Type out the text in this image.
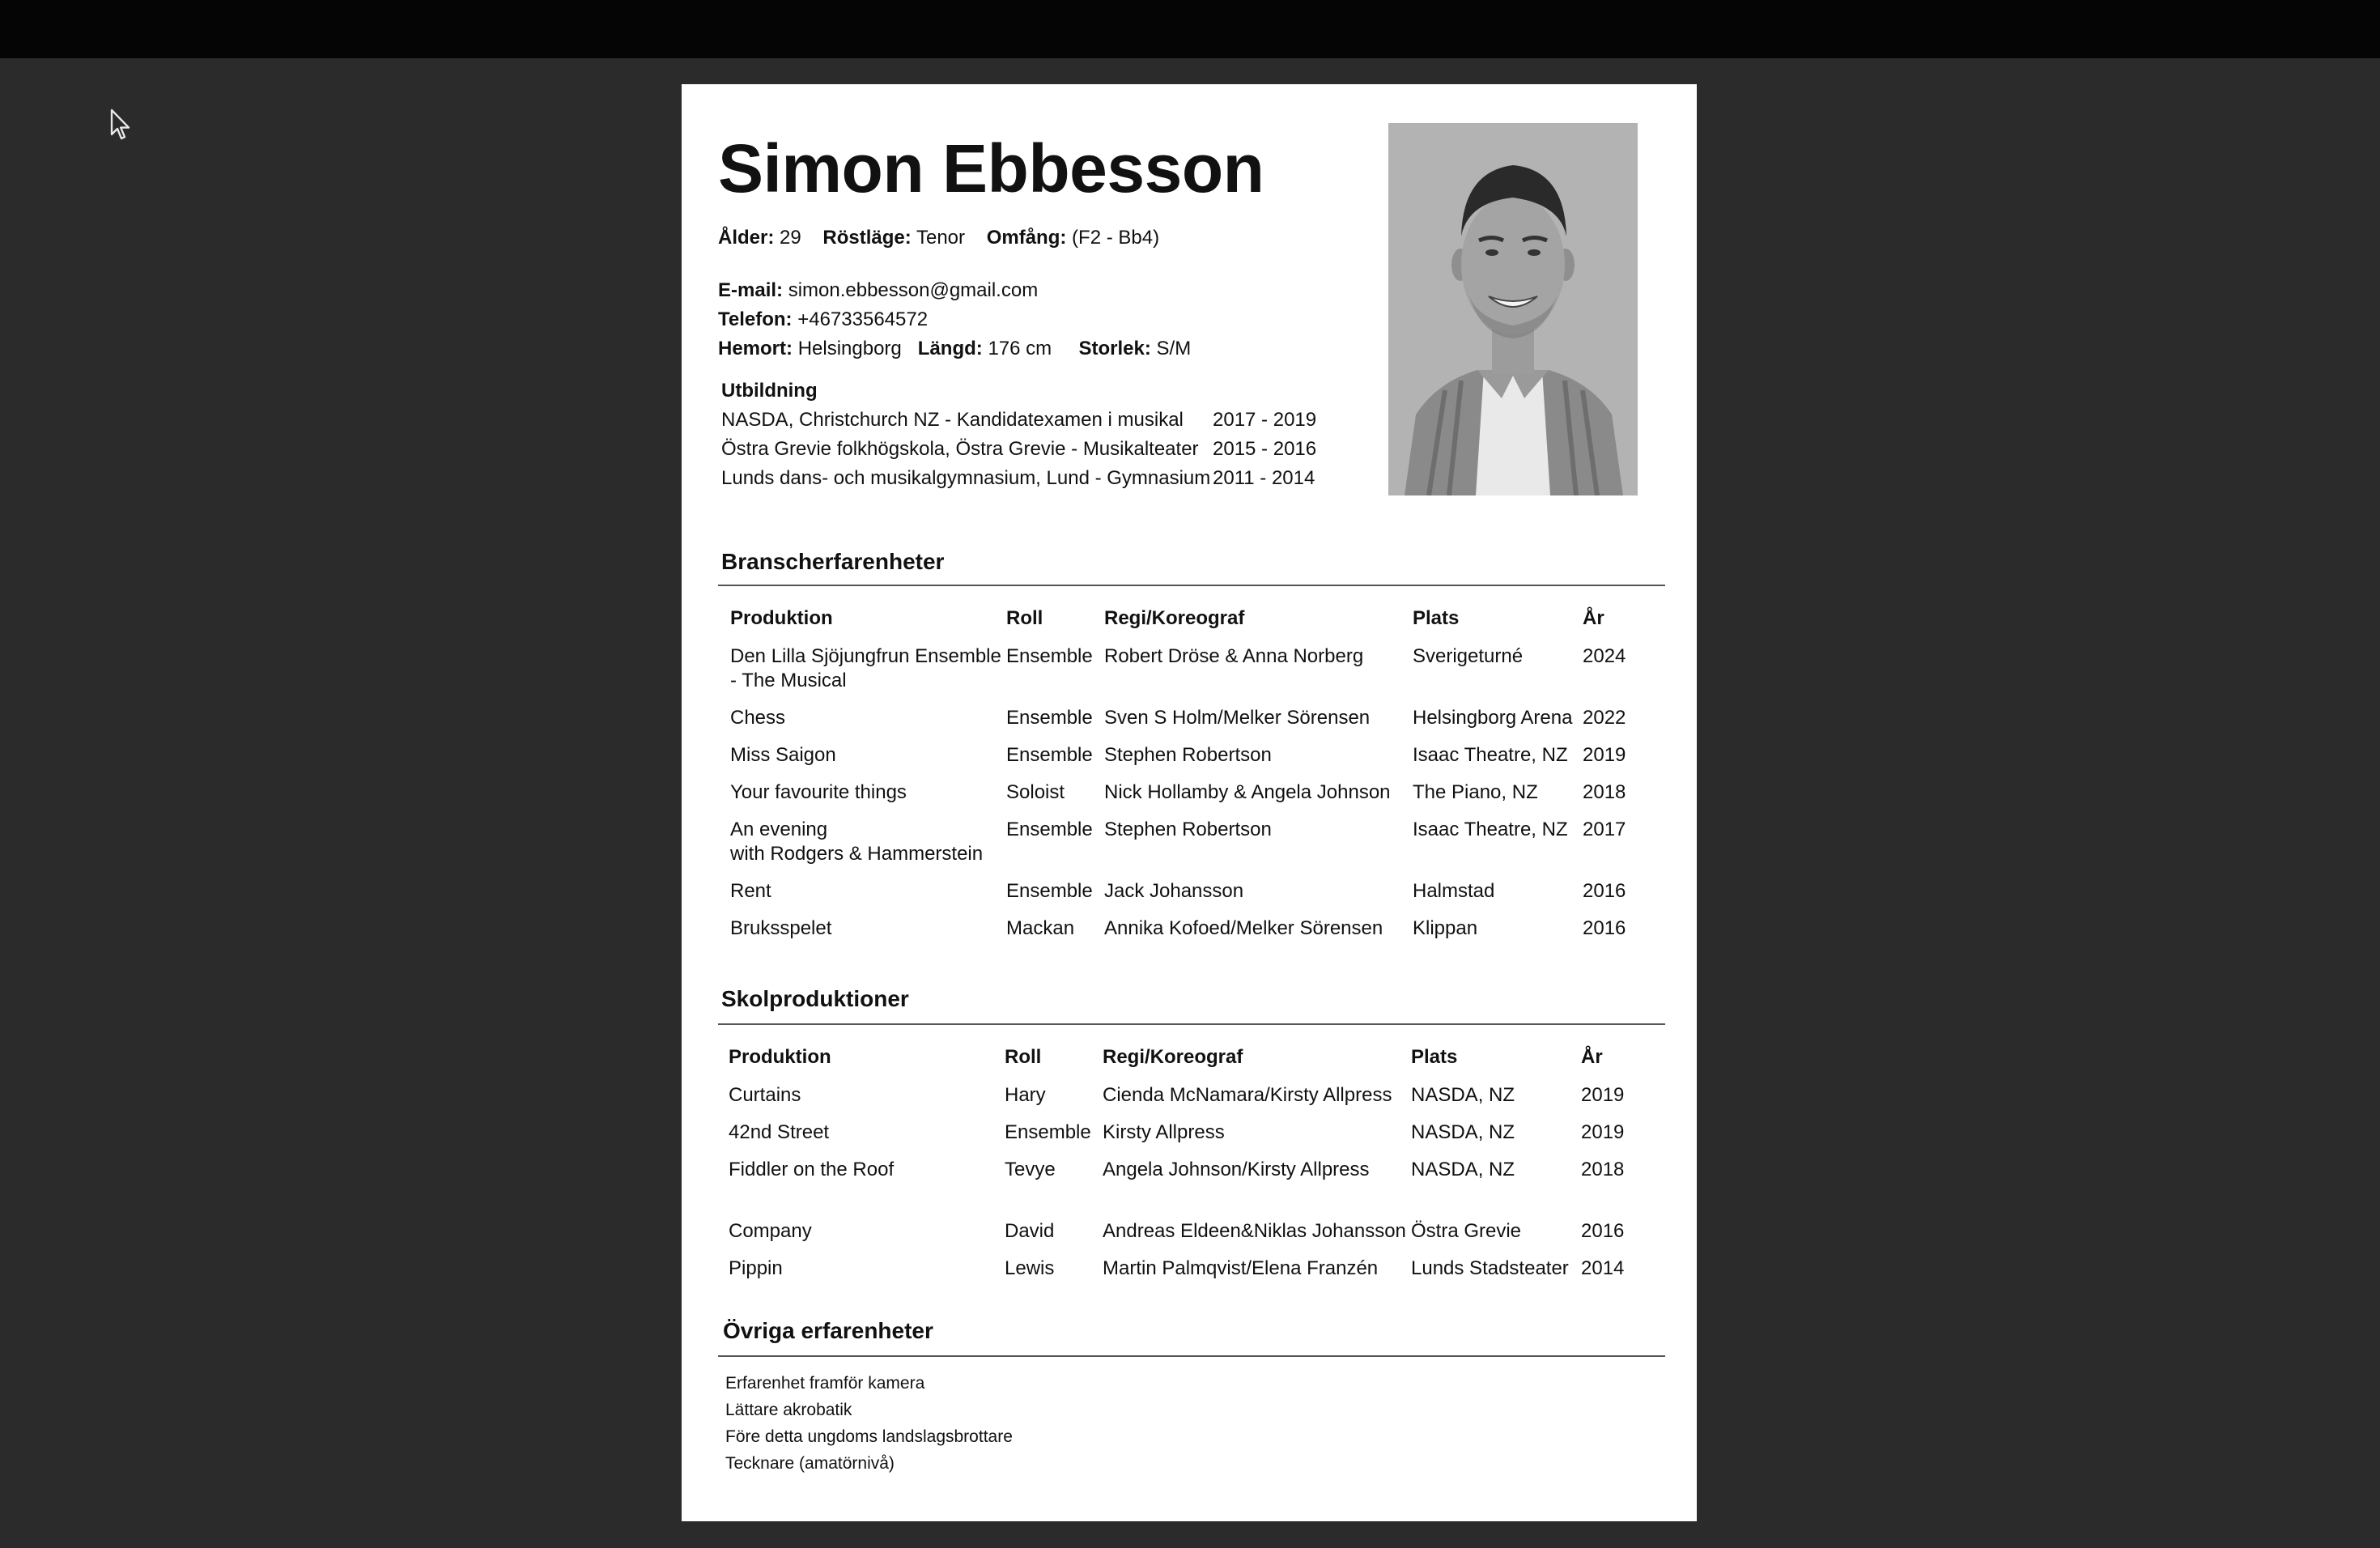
Simon Ebbesson
Ålder: 29 Röstläge: Tenor Omfång: (F2 - Bb4)
E-mail: simon.ebbesson@gmail.com
Telefon: +46733564572
Hemort: Helsingborg Längd: 176 cm Storlek: S/M
Utbildning
NASDA, Christchurch NZ - Kandidatexamen i musikal 2017 - 2019
Östra Grevie folkhögskola, Östra Grevie - Musikalteater 2015 - 2016
Lunds dans- och musikalgymnasium, Lund - Gymnasium 2011 - 2014
Branscherfarenheter
Produktion	Roll	Regi/Koreograf	Plats	År

Den Lilla Sjöjungfrun Ensemble
- The Musical	Ensemble	Robert Dröse & Anna Norberg	Sverigeturné	2024
Chess	Ensemble	Sven S Holm/Melker Sörensen	Helsingborg Arena	2022
Miss Saigon	Ensemble	Stephen Robertson	Isaac Theatre, NZ	2019
Your favourite things	Soloist	Nick Hollamby & Angela Johnson	The Piano, NZ	2018

An evening
with Rodgers & Hammerstein	Ensemble	Stephen Robertson	Isaac Theatre, NZ	2017
Rent	Ensemble	Jack Johansson	Halmstad	2016
Bruksspelet	Mackan	Annika Kofoed/Melker Sörensen	Klippan	2016
Skolproduktioner
Produktion	Roll	Regi/Koreograf	Plats	År
Curtains	Hary	Cienda McNamara/Kirsty Allpress	NASDA, NZ	2019
42nd Street	Ensemble	Kirsty Allpress	NASDA, NZ	2019
Fiddler on the Roof	Tevye	Angela Johnson/Kirsty Allpress	NASDA, NZ	2018
Company	David	Andreas Eldeen&Niklas Johansson	Östra Grevie	2016
Pippin	Lewis	Martin Palmqvist/Elena Franzén	Lunds Stadsteater	2014
Övriga erfarenheter
Erfarenhet framför kamera
Lättare akrobatik
Före detta ungdoms landslagsbrottare
Tecknare (amatörnivå)
